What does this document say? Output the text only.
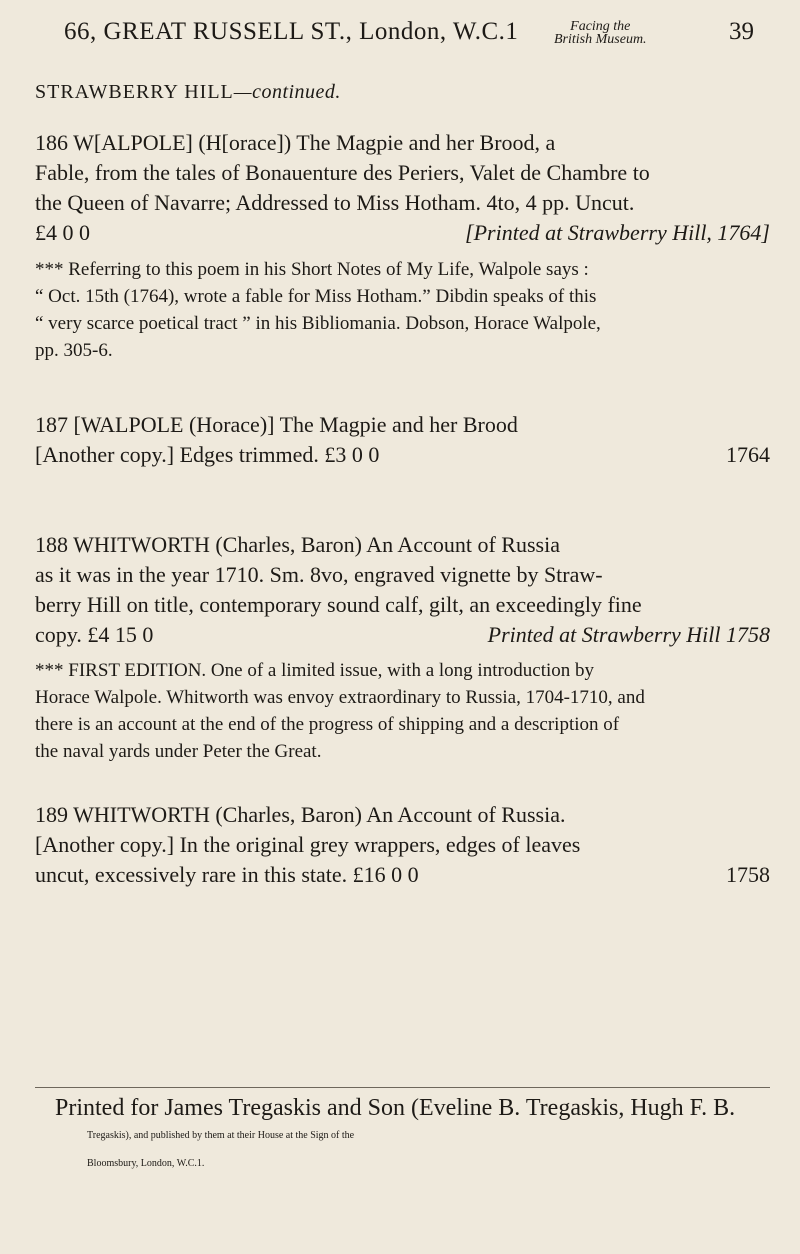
66, GREAT RUSSELL ST., London, W.C.1	Facing the
British Museum.	39
STRAWBERRY HILL—continued.
186 W[ALPOLE] (H[orace]) The Magpie and her Brood, a
Fable, from the tales of Bonauenture des Periers, Valet de Chambre to
the Queen of Navarre; Addressed to Miss Hotham. 4to, 4 pp. Uncut.
£4 0 0	[Printed at Strawberry Hill, 1764]
*** Referring to this poem in his Short Notes of My Life, Walpole says :
“ Oct. 15th (1764), wrote a fable for Miss Hotham.” Dibdin speaks of this
“ very scarce poetical tract ” in his Bibliomania. Dobson, Horace Walpole,
pp. 305-6.
187 [WALPOLE (Horace)] The Magpie and her Brood
[Another copy.] Edges trimmed. £3 0 0	1764
188 WHITWORTH (Charles, Baron) An Account of Russia
as it was in the year 1710. Sm. 8vo, engraved vignette by Straw-
berry Hill on title, contemporary sound calf, gilt, an exceedingly fine
copy. £4 15 0	Printed at Strawberry Hill 1758
*** FIRST EDITION. One of a limited issue, with a long introduction by
Horace Walpole. Whitworth was envoy extraordinary to Russia, 1704-1710, and
there is an account at the end of the progress of shipping and a description of
the naval yards under Peter the Great.
189 WHITWORTH (Charles, Baron) An Account of Russia.
[Another copy.] In the original grey wrappers, edges of leaves
uncut, excessively rare in this state. £16 0 0	1758
Printed for James Tregaskis and Son (Eveline B. Tregaskis, Hugh F. B.
Tregaskis), and published by them at their House at the Sign of the
Bloomsbury, London, W.C.1.
